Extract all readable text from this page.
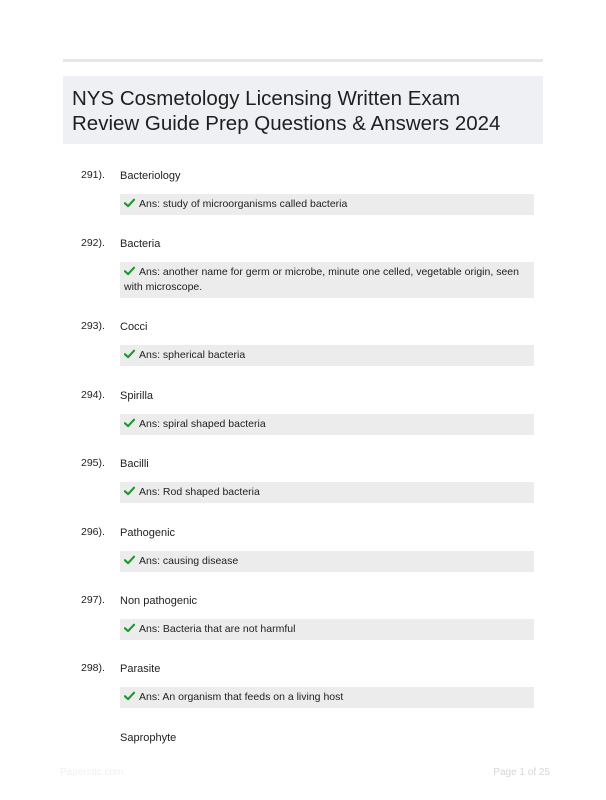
NYS Cosmetology Licensing Written Exam
Review Guide Prep Questions & Answers 2024
291). Bacteriology
Ans: study of microorganisms called bacteria
292). Bacteria
Ans: another name for germ or microbe, minute one celled, vegetable origin, seen with microscope.
293). Cocci
Ans: spherical bacteria
294). Spirilla
Ans: spiral shaped bacteria
295). Bacilli
Ans: Rod shaped bacteria
296). Pathogenic
Ans: causing disease
297). Non pathogenic
Ans: Bacteria that are not harmful
298). Parasite
Ans: An organism that feeds on a living host
Saprophyte
Paperstic.com	Page 1 of 25
